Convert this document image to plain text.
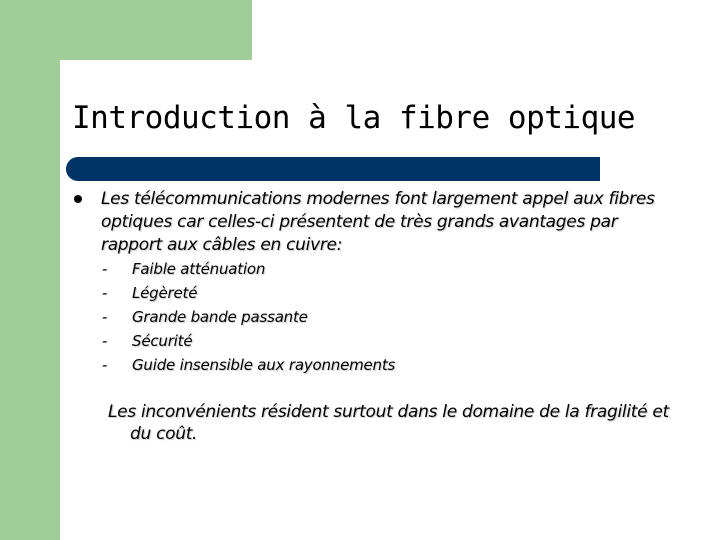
Introduction à la fibre optique

Les télécommunications modernes font largement appel aux fibres optiques car celles-ci présentent de très grands avantages par rapport aux câbles en cuivre:

- Faible atténuation
- Légèreté
- Grande bande passante
- Sécurité
- Guide insensible aux rayonnements

Les inconvénients résident surtout dans le domaine de la fragilité et du coût.
